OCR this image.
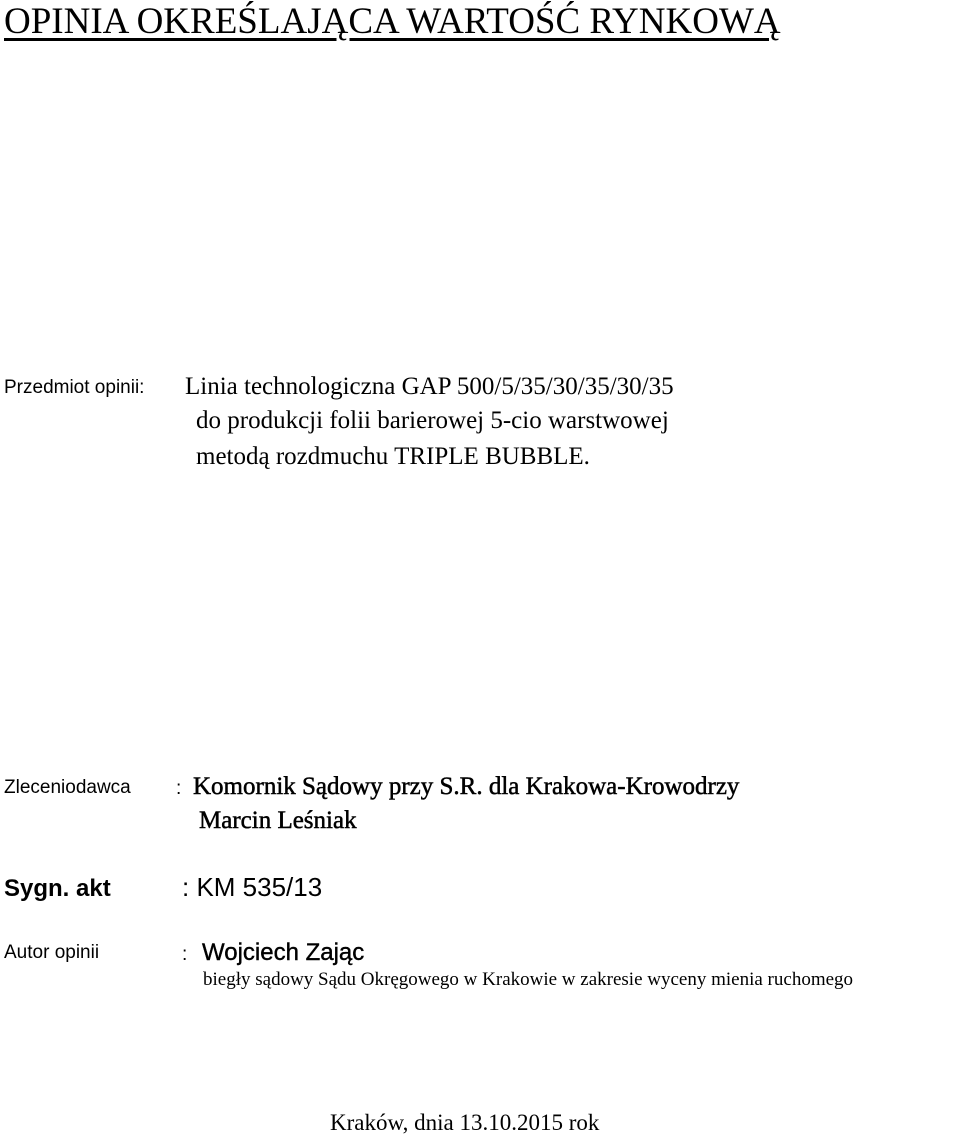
OPINIA OKREŚLAJĄCA WARTOŚĆ RYNKOWĄ
Przedmiot opinii: Linia technologiczna GAP 500/5/35/30/35/30/35
do produkcji folii barierowej 5-cio warstwowej
metodą rozdmuchu TRIPLE BUBBLE.
Zleceniodawca : Komornik Sądowy przy S.R. dla Krakowa-Krowodrzy
Marcin Leśniak
Sygn. akt	: KM 535/13
Autor opinii	: Wojciech Zając
biegły sądowy Sądu Okręgowego w Krakowie w zakresie wyceny mienia ruchomego
Kraków, dnia 13.10.2015 rok
